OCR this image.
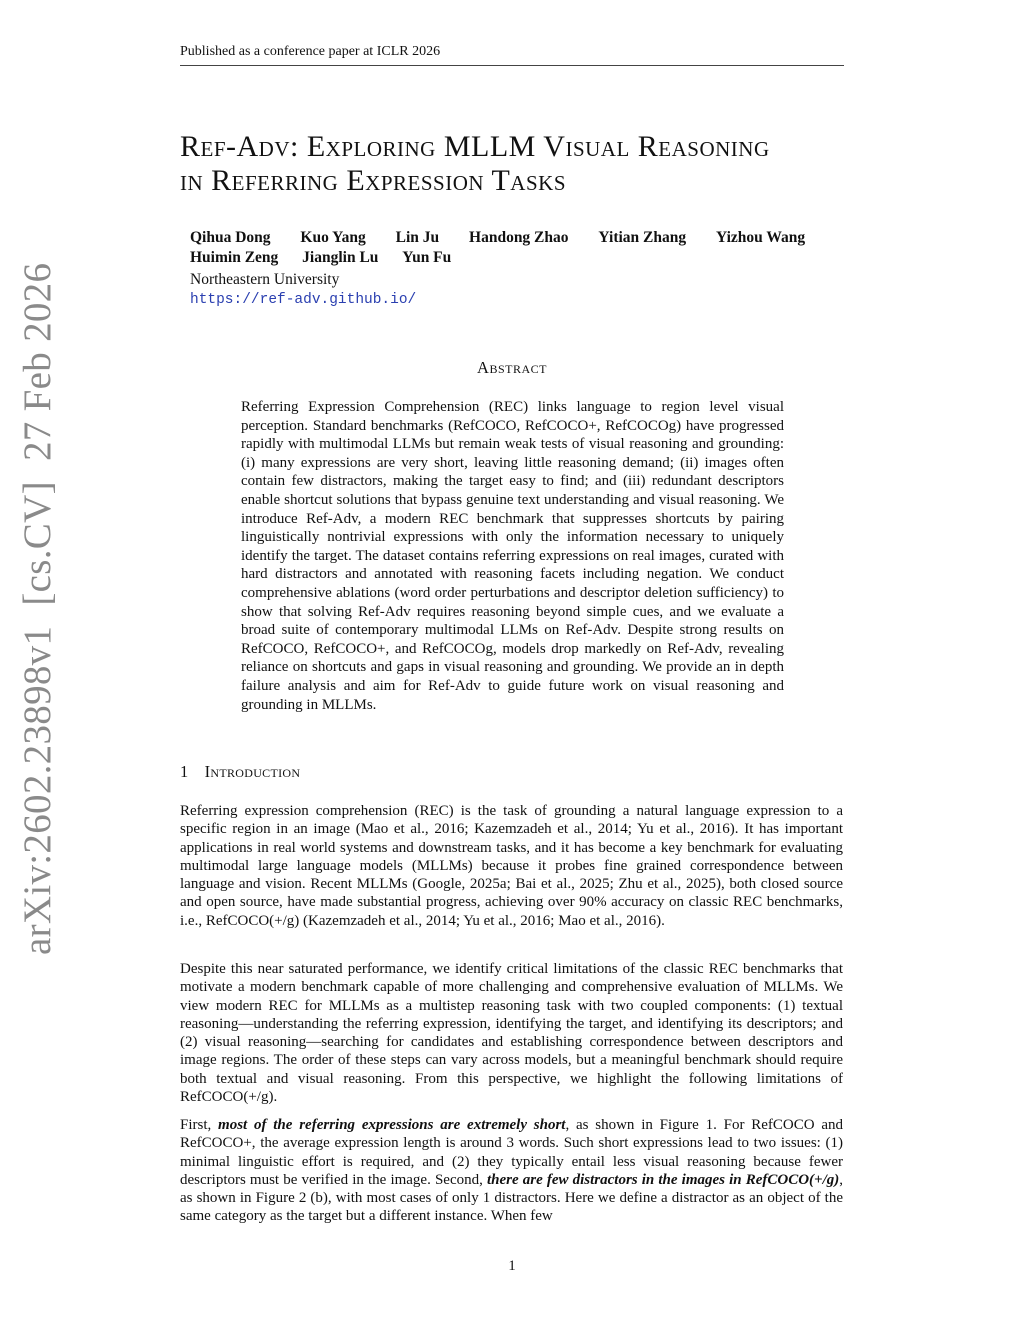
Published as a conference paper at ICLR 2026
Ref-Adv: Exploring MLLM Visual Reasoning
in Referring Expression Tasks
Qihua Dong Kuo Yang Lin Ju Handong Zhao Yitian Zhang Yizhou Wang
Huimin Zeng Jianglin Lu Yun Fu
Northeastern University
https://ref-adv.github.io/
Abstract
Referring Expression Comprehension (REC) links language to region level visual perception. Standard benchmarks (RefCOCO, RefCOCO+, RefCOCOg) have progressed rapidly with multimodal LLMs but remain weak tests of visual reasoning and grounding: (i) many expressions are very short, leaving little reasoning demand; (ii) images often contain few distractors, making the target easy to find; and (iii) redundant descriptors enable shortcut solutions that bypass genuine text understanding and visual reasoning. We introduce Ref-Adv, a modern REC benchmark that suppresses shortcuts by pairing linguistically nontrivial expressions with only the information necessary to uniquely identify the target. The dataset contains referring expressions on real images, curated with hard distractors and annotated with reasoning facets including negation. We conduct comprehensive ablations (word order perturbations and descriptor deletion sufficiency) to show that solving Ref-Adv requires reasoning beyond simple cues, and we evaluate a broad suite of contemporary multimodal LLMs on Ref-Adv. Despite strong results on RefCOCO, RefCOCO+, and RefCOCOg, models drop markedly on Ref-Adv, revealing reliance on shortcuts and gaps in visual reasoning and grounding. We provide an in depth failure analysis and aim for Ref-Adv to guide future work on visual reasoning and grounding in MLLMs.
1 Introduction

Referring expression comprehension (REC) is the task of grounding a natural language expression to a specific region in an image (Mao et al., 2016; Kazemzadeh et al., 2014; Yu et al., 2016). It has important applications in real world systems and downstream tasks, and it has become a key benchmark for evaluating multimodal large language models (MLLMs) because it probes fine grained correspondence between language and vision. Recent MLLMs (Google, 2025a; Bai et al., 2025; Zhu et al., 2025), both closed source and open source, have made substantial progress, achieving over 90% accuracy on classic REC benchmarks, i.e., RefCOCO(+/g) (Kazemzadeh et al., 2014; Yu et al., 2016; Mao et al., 2016).

Despite this near saturated performance, we identify critical limitations of the classic REC benchmarks that motivate a modern benchmark capable of more challenging and comprehensive evaluation of MLLMs. We view modern REC for MLLMs as a multistep reasoning task with two coupled components: (1) textual reasoning—understanding the referring expression, identifying the target, and identifying its descriptors; and (2) visual reasoning—searching for candidates and establishing correspondence between descriptors and image regions. The order of these steps can vary across models, but a meaningful benchmark should require both textual and visual reasoning. From this perspective, we highlight the following limitations of RefCOCO(+/g).

First, most of the referring expressions are extremely short, as shown in Figure 1. For RefCOCO and RefCOCO+, the average expression length is around 3 words. Such short expressions lead to two issues: (1) minimal linguistic effort is required, and (2) they typically entail less visual reasoning because fewer descriptors must be verified in the image. Second, there are few distractors in the images in RefCOCO(+/g), as shown in Figure 2 (b), with most cases of only 1 distractors. Here we define a distractor as an object of the same category as the target but a different instance. When few

1
arXiv:2602.23898v1  [cs.CV]  27 Feb 2026
